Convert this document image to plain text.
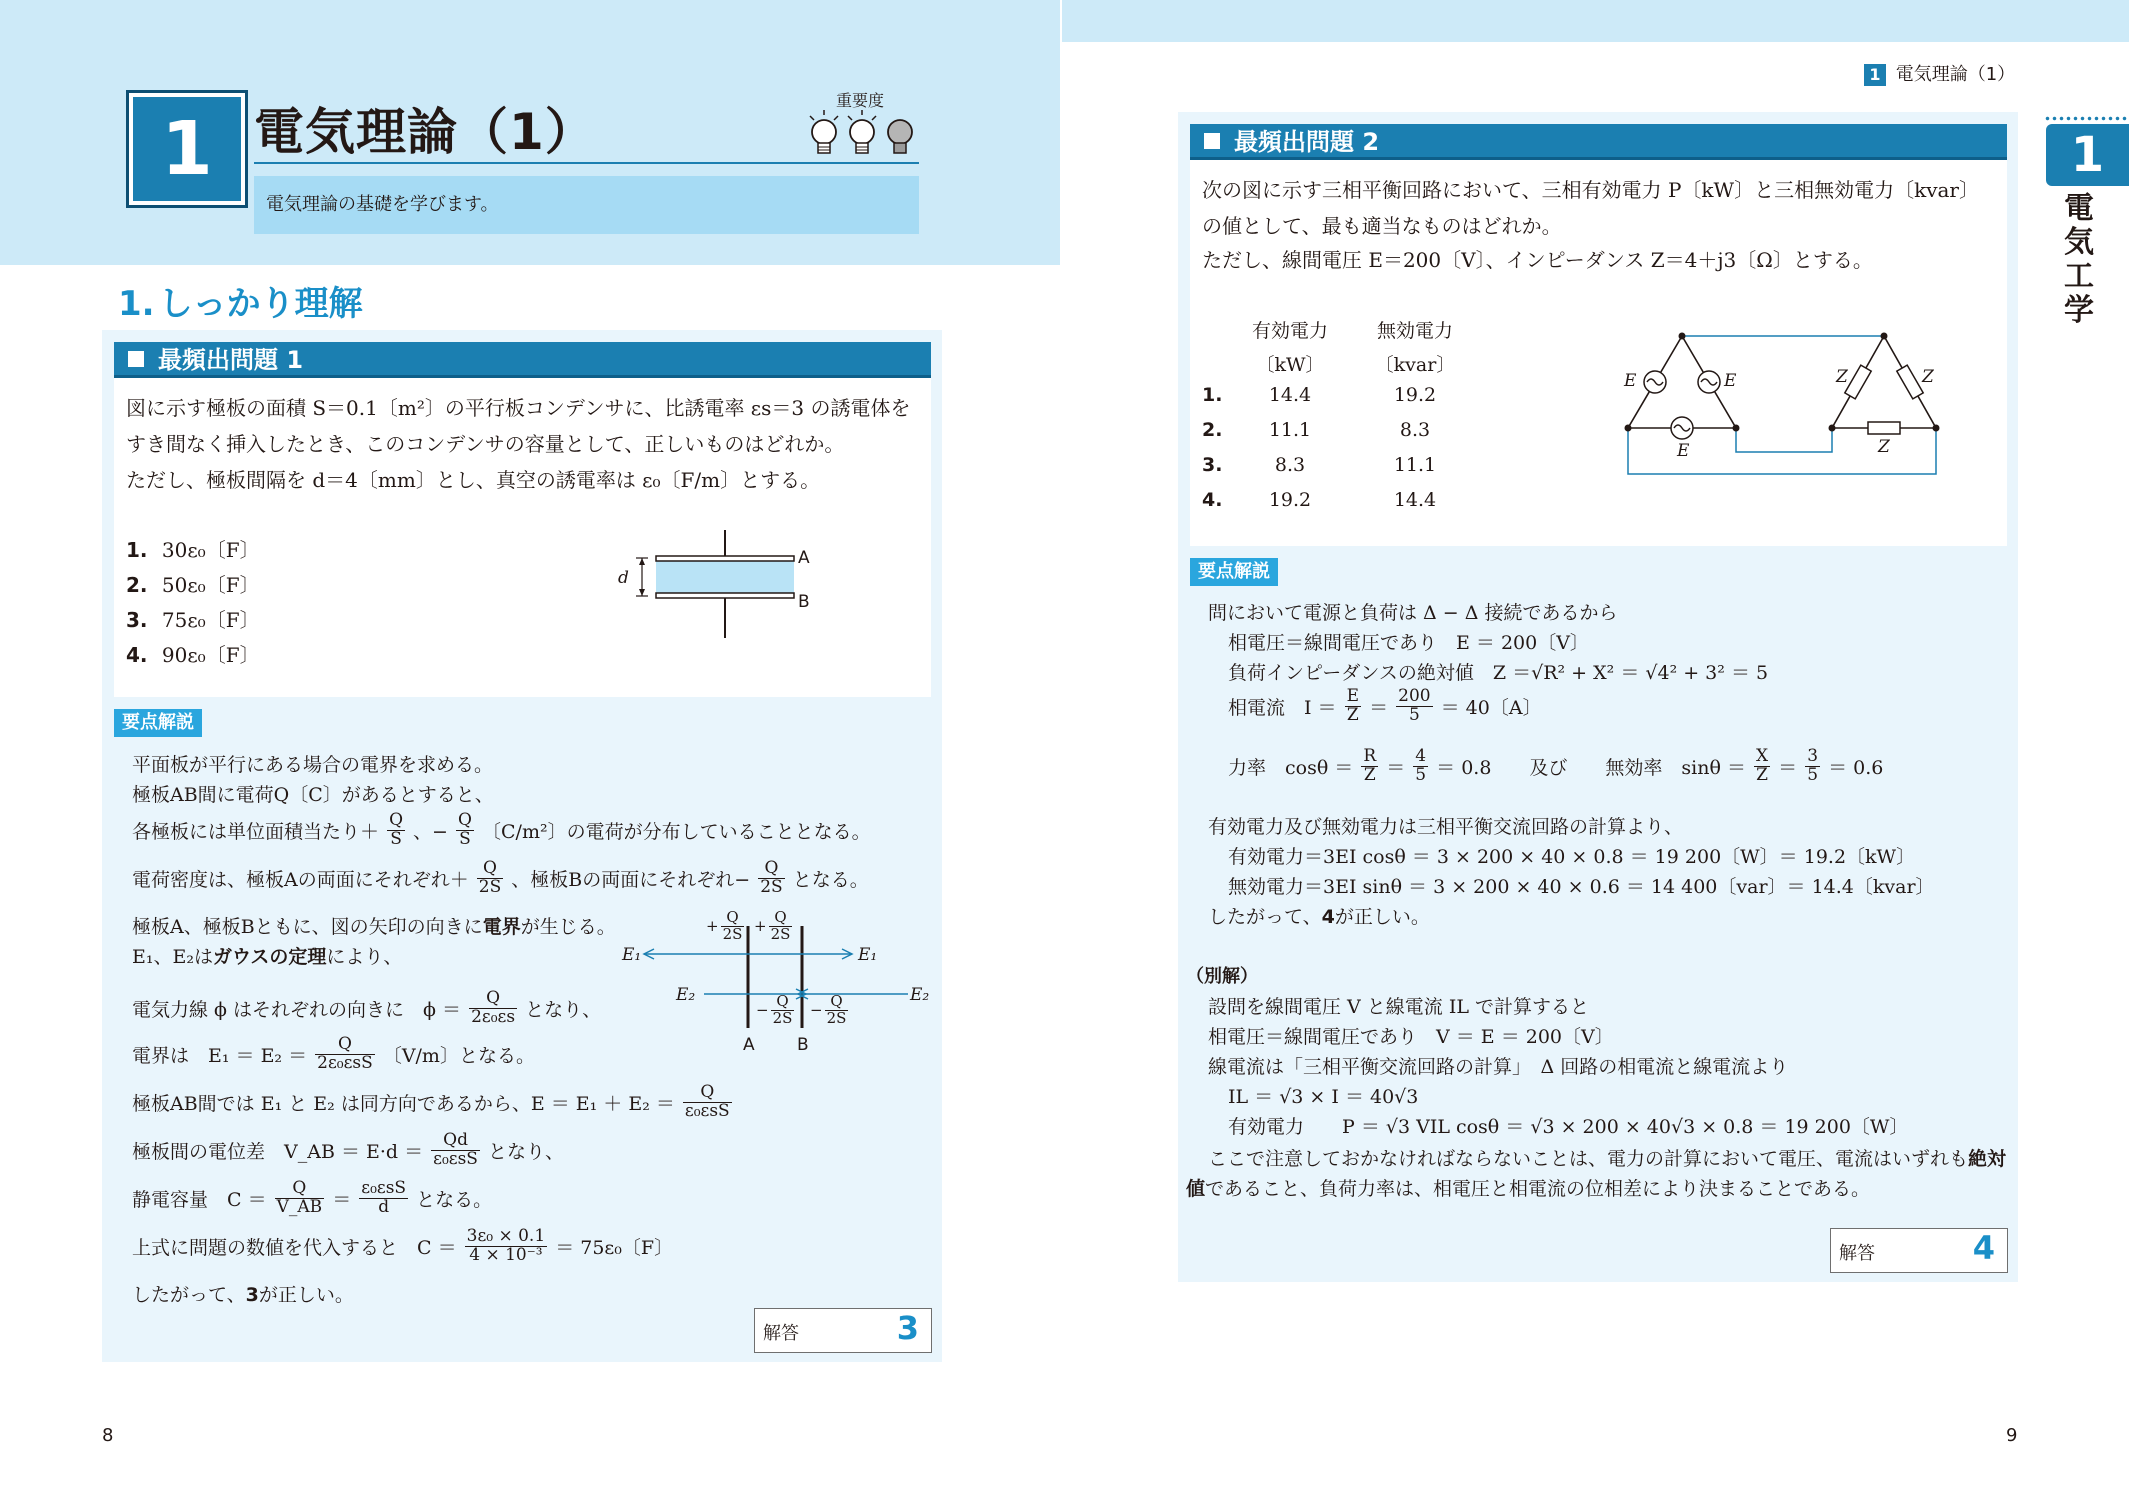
1 電気理論（1）
重要度
電気理論の基礎を学びます。
1. しっかり理解
最頻出問題 1
図に示す極板の面積 S＝0.1〔m²〕の平行板コンデンサに、比誘電率 εs＝3 の誘電体を
すき間なく挿入したとき、このコンデンサの容量として、正しいものはどれか。
ただし、極板間隔を d＝4〔mm〕とし、真空の誘電率は ε₀〔F/m〕とする。
1. 30ε₀〔F〕
2. 50ε₀〔F〕
3. 75ε₀〔F〕
4. 90ε₀〔F〕
A
B
d
要点解説
平面板が平行にある場合の電界を求める。
極板AB間に電荷Q〔C〕があるとすると、
各極板には単位面積当たり＋ $\frac{Q}{S}$ 、− $\frac{Q}{S}$ 〔C/m²〕の電荷が分布していることとなる。
電荷密度は、極板Aの両面にそれぞれ＋ $\frac{Q}{2S}$ 、極板Bの両面にそれぞれ− $\frac{Q}{2S}$ となる。
極板A、極板Bともに、図の矢印の向きに電界が生じる。
E₁、E₂はガウスの定理により、
電気力線 ϕ はそれぞれの向きに　$\phi = \frac{Q}{\text{2ε₀εs}}$ となり、
電界は　$E_1 = E_2 = \frac{Q}{\text{2ε₀εsS}}$ 〔V/m〕となる。
極板AB間では E₁ と E₂ は同方向であるから、$E = E_1 + E_2 = \frac{Q}{\text{ε₀εsS}}$
極板間の電位差　V_AB ＝ $E\cdot d = \frac{Qd}{\text{ε₀εsS}}$ となり、
静電容量　$C = \frac{Q}{V\_AB} = \frac{\text{ε₀εsS}}{d}$ となる。
上式に問題の数値を代入すると　$C = \frac{\text{3ε₀ × 0.1}}{\text{4 × 10⁻³}} = 75\varepsilon_0$〔F〕
したがって、3が正しい。
E₁	E₁
E₂	E₂
A B
+ $\frac{Q}{2S} + \frac{Q}{2S}$
− $\frac{Q}{2S} - \frac{Q}{2S}$
解答	3
8
1 電気理論（1）
1
電
気
工
学
最頻出問題 2
次の図に示す三相平衡回路において、三相有効電力 P〔kW〕と三相無効電力〔kvar〕
の値として、最も適当なものはどれか。
ただし、線間電圧 E＝200〔V〕、インピーダンス Z＝4＋j3〔Ω〕とする。
有効電力
〔kW〕
無効電力
〔kvar〕
1.	14.4	19.2
2.	11.1	8.3
3.	8.3	11.1
4.	19.2	14.4
E	E
E
Z	Z
Z
要点解説
問において電源と負荷は Δ − Δ 接続であるから
相電圧＝線間電圧であり　E ＝ 200〔V〕
負荷インピーダンスの絶対値　Z ＝√R² + X² ＝ √4² + 3² ＝ 5
相電流　$I = \frac{E}{Z} = \frac{200}{5} = 40$〔A〕
力率　$\cos\theta = \frac{R}{Z} = \frac{4}{5} = 0.8$　　及び　　無効率　$\sin\theta = \frac{X}{Z} = \frac{3}{5} = 0.6$
有効電力及び無効電力は三相平衡交流回路の計算より、
有効電力＝3EI cosθ ＝ 3 × 200 × 40 × 0.8 ＝ 19 200〔W〕＝ 19.2〔kW〕
無効電力＝3EI sinθ ＝ 3 × 200 × 40 × 0.6 ＝ 14 400〔var〕＝ 14.4〔kvar〕
したがって、4が正しい。
（別解）
設問を線間電圧 V と線電流 IL で計算すると
相電圧＝線間電圧であり　V ＝ E ＝ 200〔V〕
線電流は「三相平衡交流回路の計算」　Δ 回路の相電流と線電流より
IL ＝ √3 × I ＝ 40√3
有効電力　　P ＝ √3 VIL cosθ ＝ √3 × 200 × 40√3 × 0.8 ＝ 19 200〔W〕
ここで注意しておかなければならないことは、電力の計算において電圧、電流はいずれも絶対
値であること、負荷力率は、相電圧と相電流の位相差により決まることである。
解答	4
9
